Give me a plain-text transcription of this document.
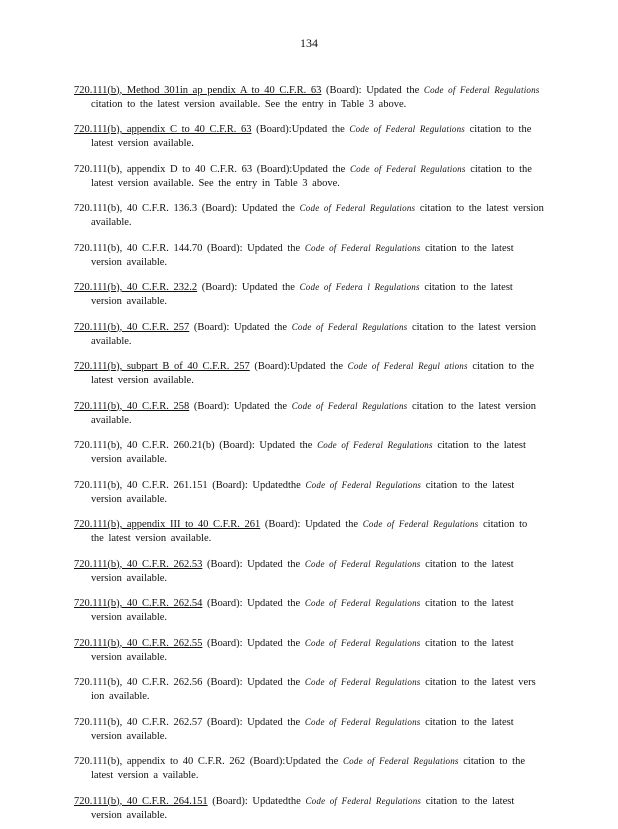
134

720.111(b), Method 301in ap pendix A to 40 C.F.R. 63 (Board): Updated the Code of Federal Regulations citation to the latest version available. See the entry in Table 3 above.

720.111(b), appendix C to 40 C.F.R. 63 (Board):Updated the Code of Federal Regulations citation to the latest version available.

720.111(b), appendix D to 40 C.F.R. 63 (Board):Updated the Code of Federal Regulations citation to the latest version available. See the entry in Table 3 above.

720.111(b), 40 C.F.R. 136.3 (Board): Updated the Code of Federal Regulations citation to the latest version available.

720.111(b), 40 C.F.R. 144.70 (Board): Updated the Code of Federal Regulations citation to the latest version available.

720.111(b), 40 C.F.R. 232.2 (Board): Updated the Code of Federa l Regulations citation to the latest version available.

720.111(b), 40 C.F.R. 257 (Board): Updated the Code of Federal Regulations citation to the latest version available.

720.111(b), subpart B of 40 C.F.R. 257 (Board):Updated the Code of Federal Regul ations citation to the latest version available.

720.111(b), 40 C.F.R. 258 (Board): Updated the Code of Federal Regulations citation to the latest version available.

720.111(b), 40 C.F.R. 260.21(b) (Board): Updated the Code of Federal Regulations citation to the latest version available.

720.111(b), 40 C.F.R. 261.151 (Board): Updatedthe Code of Federal Regulations citation to the latest version available.

720.111(b), appendix III to 40 C.F.R. 261 (Board): Updated the Code of Federal Regulations citation to the latest version available.

720.111(b), 40 C.F.R. 262.53 (Board): Updated the Code of Federal Regulations citation to the latest version available.

720.111(b), 40 C.F.R. 262.54 (Board): Updated the Code of Federal Regulations citation to the latest version available.

720.111(b), 40 C.F.R. 262.55 (Board): Updated the Code of Federal Regulations citation to the latest version available.

720.111(b), 40 C.F.R. 262.56 (Board): Updated the Code of Federal Regulations citation to the latest vers ion available.

720.111(b), 40 C.F.R. 262.57 (Board): Updated the Code of Federal Regulations citation to the latest version available.

720.111(b), appendix to 40 C.F.R. 262 (Board):Updated the Code of Federal Regulations citation to the latest version a vailable.

720.111(b), 40 C.F.R. 264.151 (Board): Updatedthe Code of Federal Regulations citation to the latest version available.
